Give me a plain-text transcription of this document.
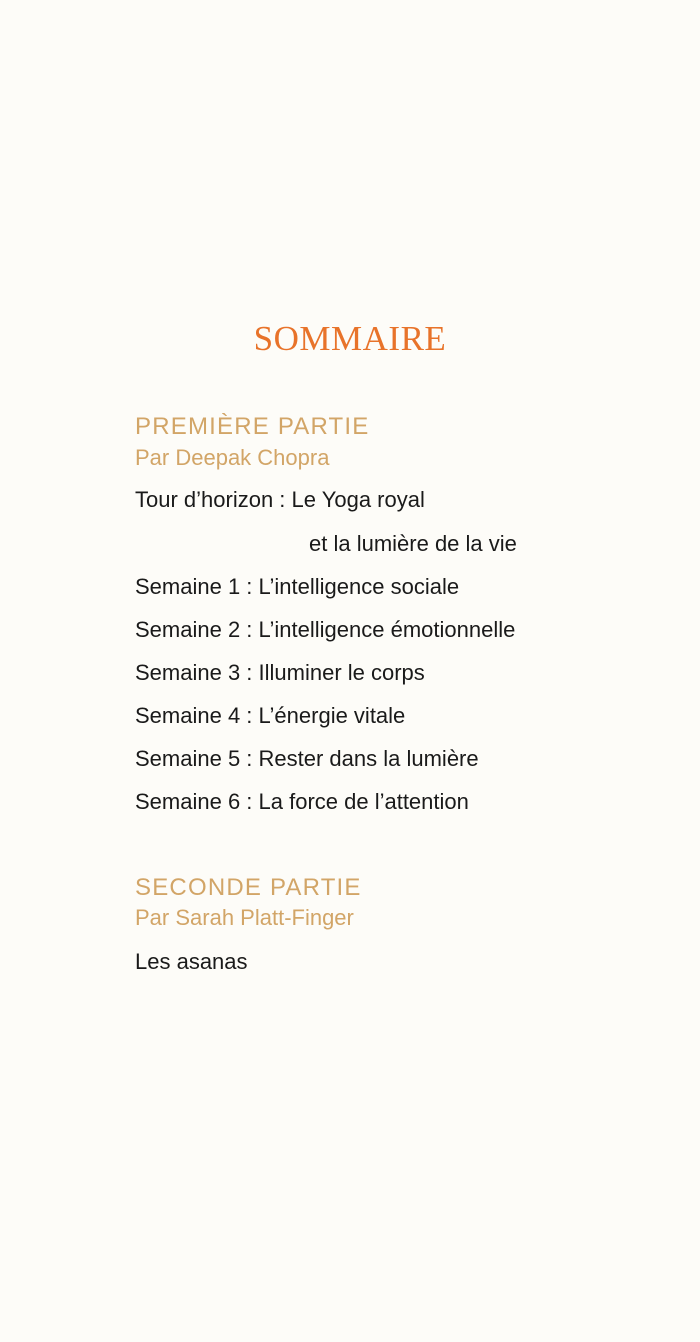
SOMMAIRE
PREMIÈRE PARTIE
Par Deepak Chopra
Tour d’horizon : Le Yoga royal
et la lumière de la vie
Semaine 1 : L’intelligence sociale
Semaine 2 : L’intelligence émotionnelle
Semaine 3 : Illuminer le corps
Semaine 4 : L’énergie vitale
Semaine 5 : Rester dans la lumière
Semaine 6 : La force de l’attention
SECONDE PARTIE
Par Sarah Platt-Finger
Les asanas
